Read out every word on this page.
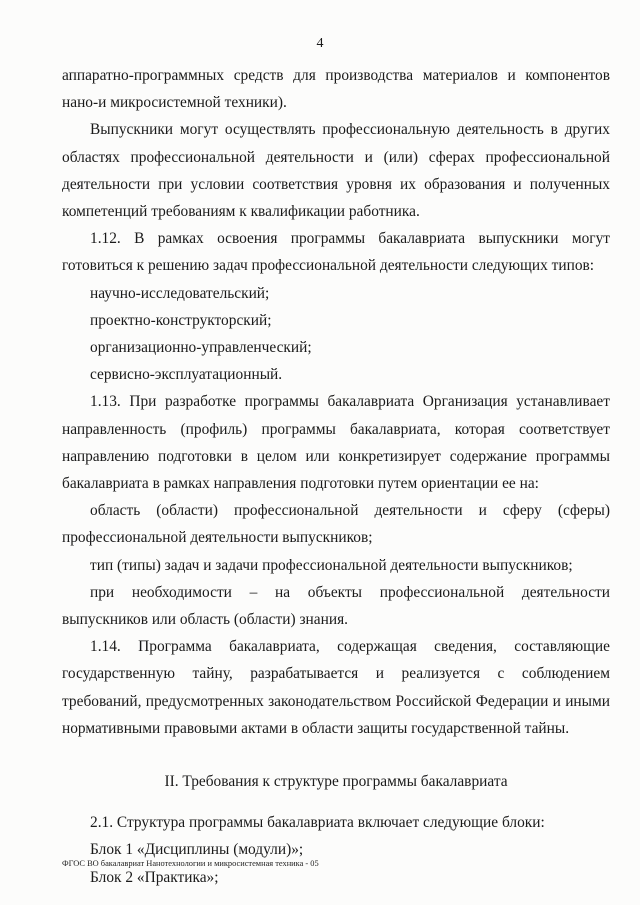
4

аппаратно-программных средств для производства материалов и компонентов нано-и микросистемной техники).

Выпускники могут осуществлять профессиональную деятельность в других областях профессиональной деятельности и (или) сферах профессиональной деятельности при условии соответствия уровня их образования и полученных компетенций требованиям к квалификации работника.

1.12. В рамках освоения программы бакалавриата выпускники могут готовиться к решению задач профессиональной деятельности следующих типов:

научно-исследовательский;

проектно-конструкторский;

организационно-управленческий;

сервисно-эксплуатационный.

1.13. При разработке программы бакалавриата Организация устанавливает направленность (профиль) программы бакалавриата, которая соответствует направлению подготовки в целом или конкретизирует содержание программы бакалавриата в рамках направления подготовки путем ориентации ее на:

область (области) профессиональной деятельности и сферу (сферы) профессиональной деятельности выпускников;

тип (типы) задач и задачи профессиональной деятельности выпускников;

при необходимости – на объекты профессиональной деятельности выпускников или область (области) знания.

1.14. Программа бакалавриата, содержащая сведения, составляющие государственную тайну, разрабатывается и реализуется с соблюдением требований, предусмотренных законодательством Российской Федерации и иными нормативными правовыми актами в области защиты государственной тайны.

II. Требования к структуре программы бакалавриата

2.1. Структура программы бакалавриата включает следующие блоки:

Блок 1 «Дисциплины (модули)»;

Блок 2 «Практика»;

ФГОС ВО бакалавриат Нанотехнологии и микросистемная техника - 05
